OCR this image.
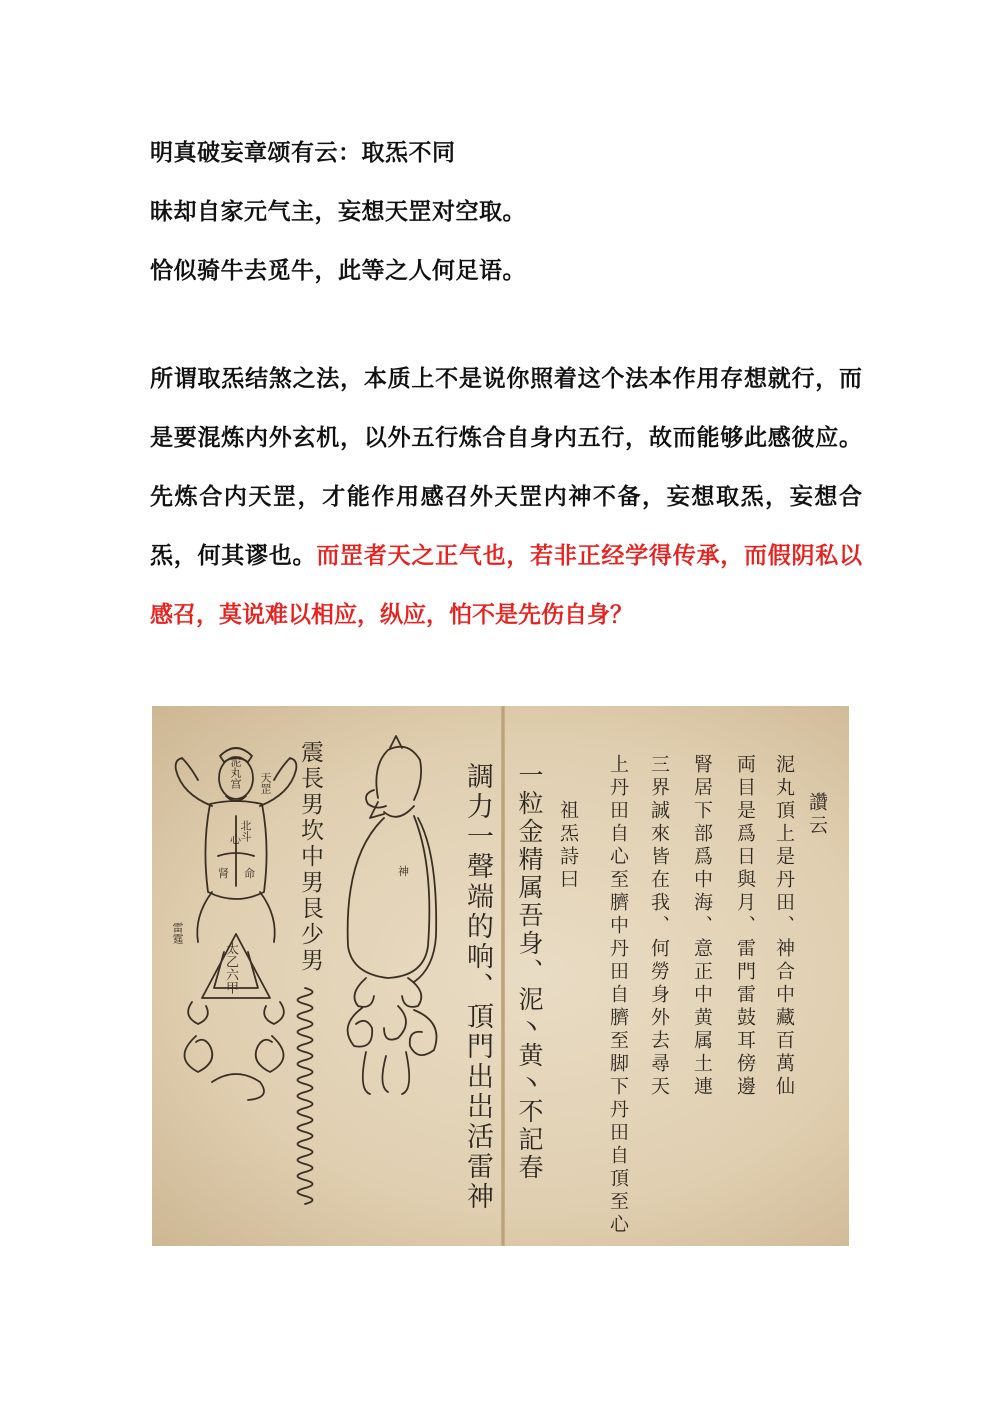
明真破妄章颂有云：取炁不同
昧却自家元气主，妄想天罡对空取。
恰似骑牛去觅牛，此等之人何足语。

所谓取炁结煞之法，本质上不是说你照着这个法本作用存想就行，而是要混炼内外玄机，以外五行炼合自身内五行，故而能够此感彼应。先炼合内天罡，才能作用感召外天罡内神不备，妄想取炁，妄想合炁，何其谬也。而罡者天之正气也，若非正经学得传承，而假阴私以感召，莫说难以相应，纵应，怕不是先伤自身？

泥丸宫 天罡
北斗
心
肾 命
雷霆
神
太乙六甲	震長男坎中男艮少男	調力一聲端的响、頂門出岀活雷神 一粒金精属吾身、泥丶黄丶不記春 祖炁詩曰 上丹田自心至臍中丹田自臍至脚下丹田自頂至心 三界誠來皆在我、何勞身外去尋天 腎居下部爲中海、意正中黄属土連 両目是爲日與月、雷門雷鼓耳傍邊 泥丸頂上是丹田、神合中藏百萬仙 讚云
